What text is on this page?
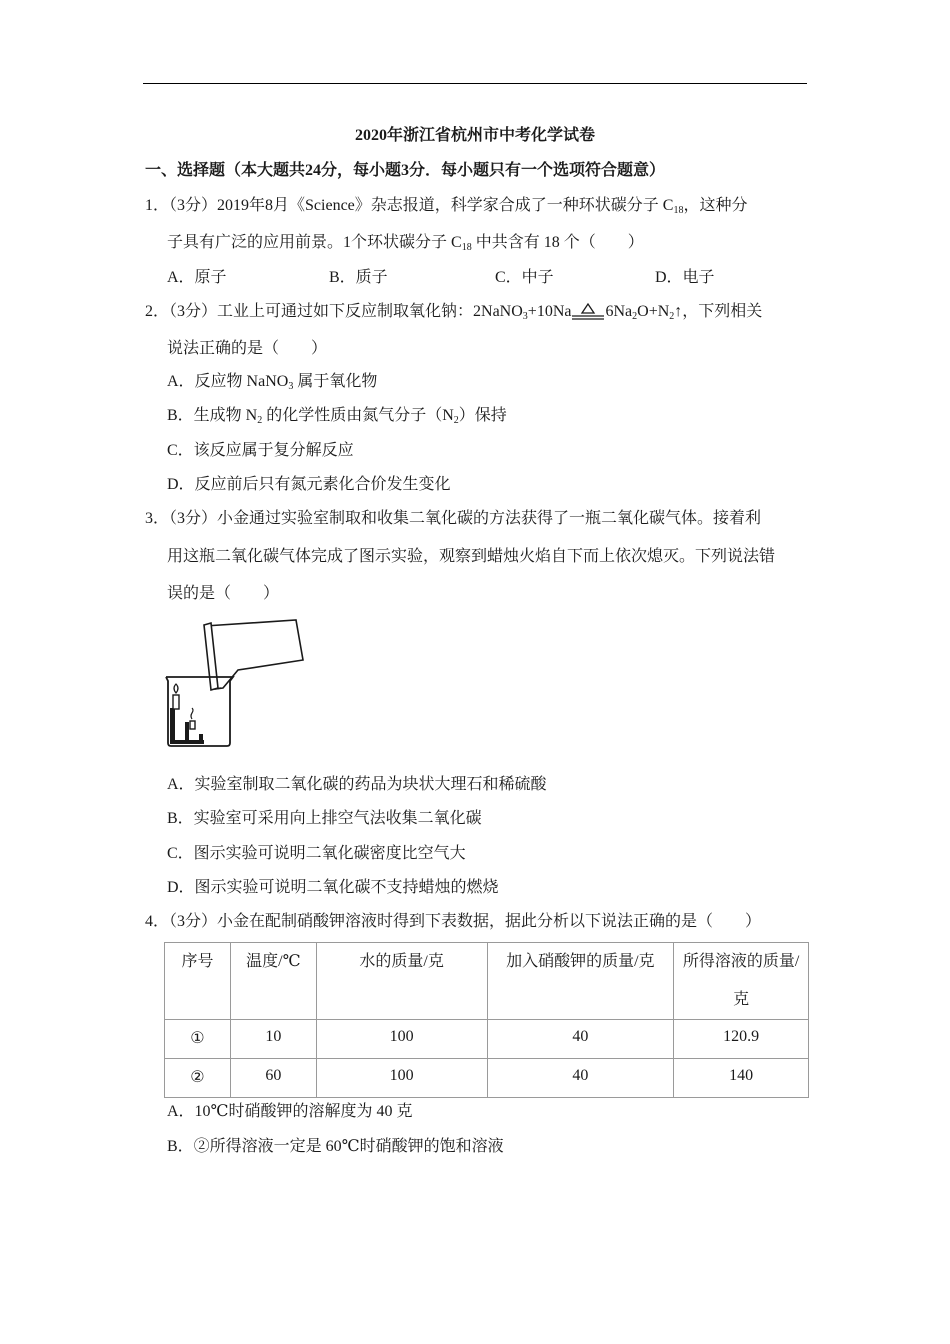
2020年浙江省杭州市中考化学试卷
一、选择题（本大题共24分，每小题3分．每小题只有一个选项符合题意）
1．（3分）2019年8月《Science》杂志报道，科学家合成了一种环状碳分子 $C_{18}$，这种分
子具有广泛的应用前景。1个环状碳分子 $C_{18}$ 中共含有 18 个（　　）
A．原子	B．质子	C．中子	D．电子
2．（3分）工业上可通过如下反应制取氧化钠：2NaNO$_3$+10Na $6Na_2O+N_2↑$，下列相关
说法正确的是（　　）
A．反应物 NaNO$_3$ 属于氧化物
B．生成物 $N_2$ 的化学性质由氮气分子$(N_2)$保持
C．该反应属于复分解反应
D．反应前后只有氮元素化合价发生变化
3．（3分）小金通过实验室制取和收集二氧化碳的方法获得了一瓶二氧化碳气体。接着利
用这瓶二氧化碳气体完成了图示实验，观察到蜡烛火焰自下而上依次熄灭。下列说法错
误的是（　　）
A．实验室制取二氧化碳的药品为块状大理石和稀硫酸
B．实验室可采用向上排空气法收集二氧化碳
C．图示实验可说明二氧化碳密度比空气大
D．图示实验可说明二氧化碳不支持蜡烛的燃烧
4．（3分）小金在配制硝酸钾溶液时得到下表数据，据此分析以下说法正确的是（　　）
序号	温度/℃	水的质量/克	加入硝酸钾的质量/克	所得溶液的质量/
克

①	10	100	40	120.9
②	60	100	40	140
A．10℃时硝酸钾的溶解度为 40 克
B．②所得溶液一定是 60℃时硝酸钾的饱和溶液
